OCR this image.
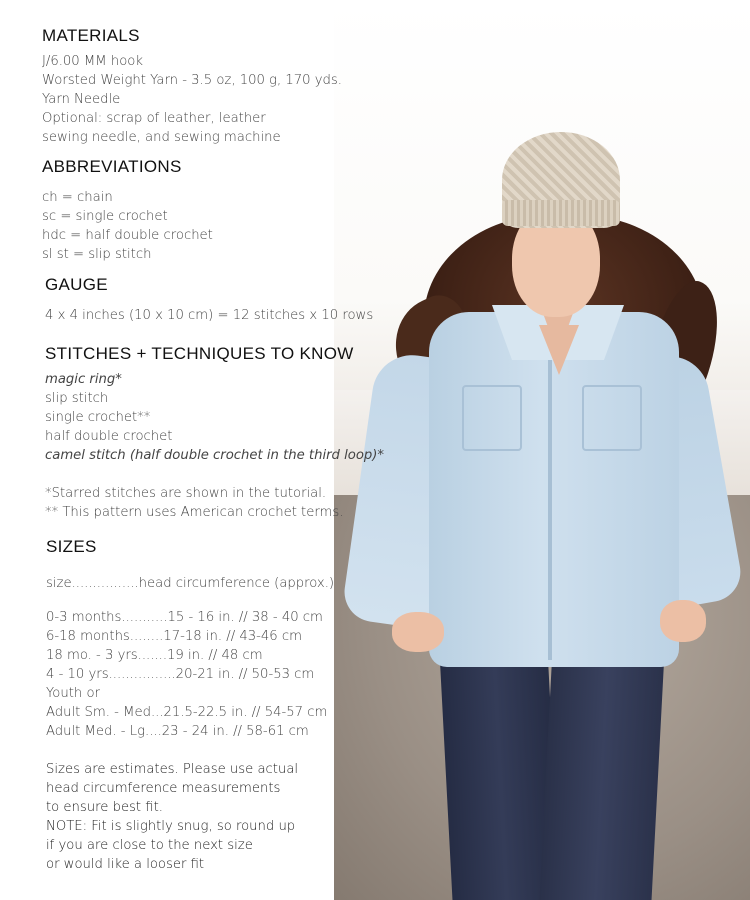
MATERIALS

J/6.00 MM hook

Worsted Weight Yarn - 3.5 oz, 100 g, 170 yds.

Yarn Needle

Optional: scrap of leather, leather

sewing needle, and sewing machine

ABBREVIATIONS

ch = chain

sc = single crochet

hdc = half double crochet

sl st = slip stitch

GAUGE

4 x 4 inches (10 x 10 cm) = 12 stitches x 10 rows

STITCHES + TECHNIQUES TO KNOW

magic ring*

slip stitch

single crochet**

half double crochet

camel stitch (half double crochet in the third loop)*

*Starred stitches are shown in the tutorial.

** This pattern uses American crochet terms.

SIZES

size................head circumference (approx.)

0-3 months...........15 - 16 in. // 38 - 40 cm

6-18 months........17-18 in. // 43-46 cm

18 mo. - 3 yrs.......19 in. // 48 cm

4 - 10 yrs................20-21 in. // 50-53 cm

Youth or

Adult Sm. - Med...21.5-22.5 in. // 54-57 cm

Adult Med. - Lg....23 - 24 in. // 58-61 cm

Sizes are estimates. Please use actual

head circumference measurements

to ensure best fit.

NOTE: Fit is slightly snug, so round up

if you are close to the next size

or would like a looser fit
